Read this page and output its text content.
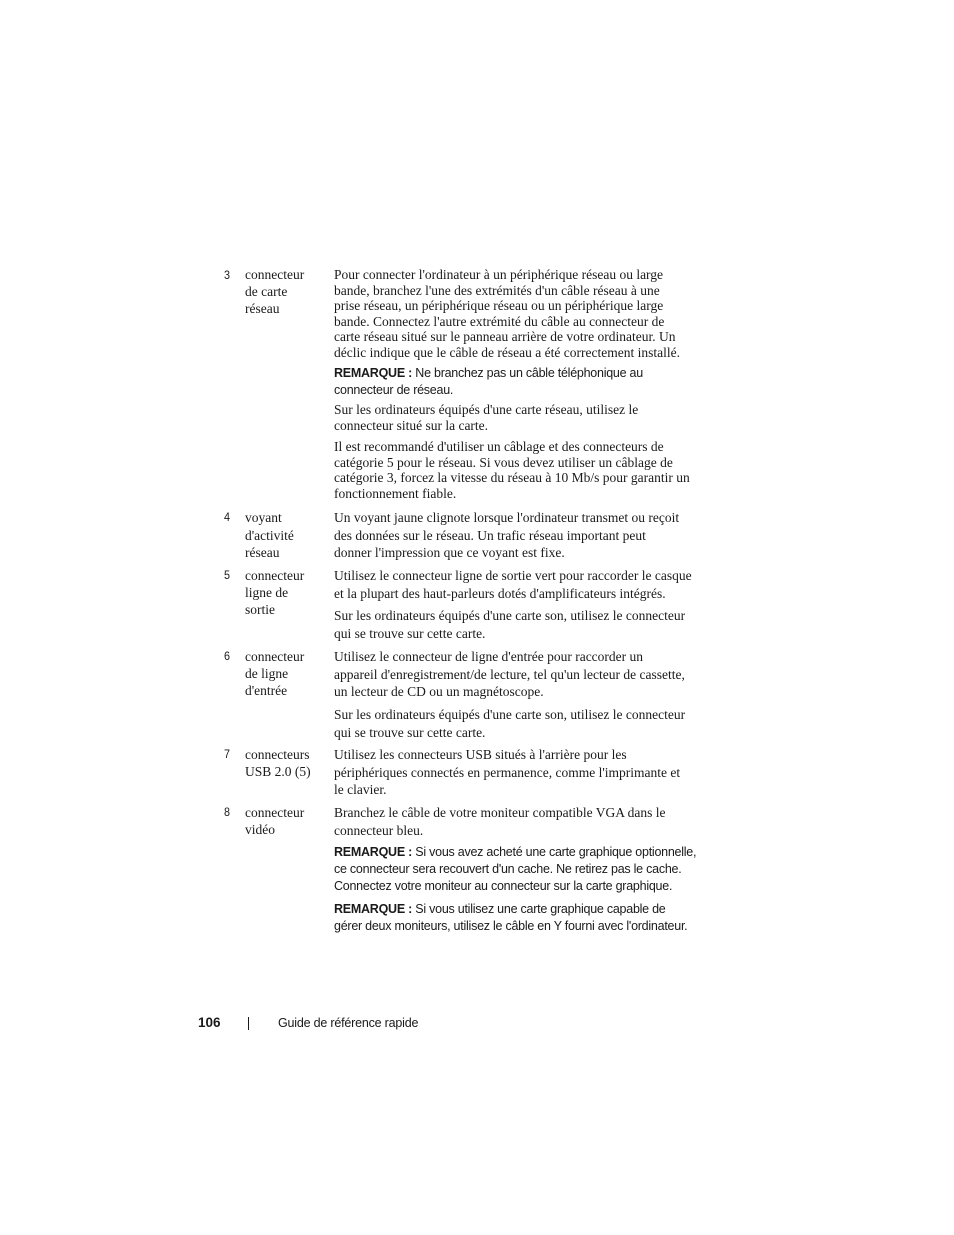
3 connecteur
de carte
réseau

Pour connecter l'ordinateur à un périphérique réseau ou large
bande, branchez l'une des extrémités d'un câble réseau à une
prise réseau, un périphérique réseau ou un périphérique large
bande. Connectez l'autre extrémité du câble au connecteur de
carte réseau situé sur le panneau arrière de votre ordinateur. Un
déclic indique que le câble de réseau a été correctement installé.

REMARQUE : Ne branchez pas un câble téléphonique au
connecteur de réseau.

Sur les ordinateurs équipés d'une carte réseau, utilisez le
connecteur situé sur la carte.

Il est recommandé d'utiliser un câblage et des connecteurs de
catégorie 5 pour le réseau. Si vous devez utiliser un câblage de
catégorie 3, forcez la vitesse du réseau à 10 Mb/s pour garantir un
fonctionnement fiable.

4 voyant
d'activité
réseau

Un voyant jaune clignote lorsque l'ordinateur transmet ou reçoit
des données sur le réseau. Un trafic réseau important peut
donner l'impression que ce voyant est fixe.

5 connecteur
ligne de
sortie

Utilisez le connecteur ligne de sortie vert pour raccorder le casque
et la plupart des haut-parleurs dotés d'amplificateurs intégrés.

Sur les ordinateurs équipés d'une carte son, utilisez le connecteur
qui se trouve sur cette carte.

6 connecteur
de ligne
d'entrée

Utilisez le connecteur de ligne d'entrée pour raccorder un
appareil d'enregistrement/de lecture, tel qu'un lecteur de cassette,
un lecteur de CD ou un magnétoscope.

Sur les ordinateurs équipés d'une carte son, utilisez le connecteur
qui se trouve sur cette carte.

7 connecteurs
USB 2.0 (5)

Utilisez les connecteurs USB situés à l'arrière pour les
périphériques connectés en permanence, comme l'imprimante et
le clavier.

8 connecteur
vidéo

Branchez le câble de votre moniteur compatible VGA dans le
connecteur bleu.

REMARQUE : Si vous avez acheté une carte graphique optionnelle,
ce connecteur sera recouvert d'un cache. Ne retirez pas le cache.
Connectez votre moniteur au connecteur sur la carte graphique.

REMARQUE : Si vous utilisez une carte graphique capable de
gérer deux moniteurs, utilisez le câble en Y fourni avec l'ordinateur.

106	Guide de référence rapide
